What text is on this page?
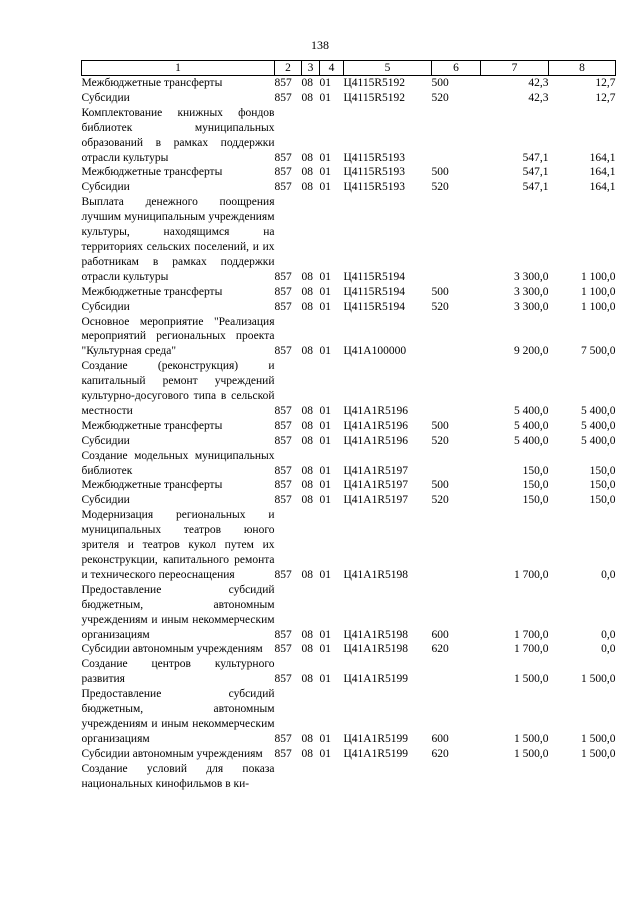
138
1	2	3	4	5	6	7	8
Межбюджетные трансферты	857	08	01	Ц4115R5192	500	42,3	12,7
Субсидии	857	08	01	Ц4115R5192	520	42,3	12,7
Комплектование книжных фондов библиотек муниципальных образований в рамках поддержки отрасли культуры	857	08	01	Ц4115R5193		547,1	164,1
Межбюджетные трансферты	857	08	01	Ц4115R5193	500	547,1	164,1
Субсидии	857	08	01	Ц4115R5193	520	547,1	164,1
Выплата денежного поощрения лучшим муниципальным учреждениям культуры, находящимся на территориях сельских поселений, и их работникам в рамках поддержки отрасли культуры	857	08	01	Ц4115R5194		3 300,0	1 100,0
Межбюджетные трансферты	857	08	01	Ц4115R5194	500	3 300,0	1 100,0
Субсидии	857	08	01	Ц4115R5194	520	3 300,0	1 100,0
Основное мероприятие "Реализация мероприятий региональных проекта "Культурная среда"	857	08	01	Ц41А100000		9 200,0	7 500,0
Создание (реконструкция) и капитальный ремонт учреждений культурно-досугового типа в сельской местности	857	08	01	Ц41А1R5196		5 400,0	5 400,0
Межбюджетные трансферты	857	08	01	Ц41А1R5196	500	5 400,0	5 400,0
Субсидии	857	08	01	Ц41А1R5196	520	5 400,0	5 400,0
Создание модельных муниципальных библиотек	857	08	01	Ц41А1R5197		150,0	150,0
Межбюджетные трансферты	857	08	01	Ц41А1R5197	500	150,0	150,0
Субсидии	857	08	01	Ц41А1R5197	520	150,0	150,0
Модернизация региональных и муниципальных театров юного зрителя и театров кукол путем их реконструкции, капитального ремонта и технического переоснащения	857	08	01	Ц41А1R5198		1 700,0	0,0
Предоставление субсидий бюджетным, автономным учреждениям и иным некоммерческим организациям	857	08	01	Ц41А1R5198	600	1 700,0	0,0
Субсидии автономным учреждениям	857	08	01	Ц41А1R5198	620	1 700,0	0,0
Создание центров культурного развития	857	08	01	Ц41А1R5199		1 500,0	1 500,0
Предоставление субсидий бюджетным, автономным учреждениям и иным некоммерческим организациям	857	08	01	Ц41А1R5199	600	1 500,0	1 500,0
Субсидии автономным учреждениям	857	08	01	Ц41А1R5199	620	1 500,0	1 500,0
Создание условий для показа национальных кинофильмов в ки-							
